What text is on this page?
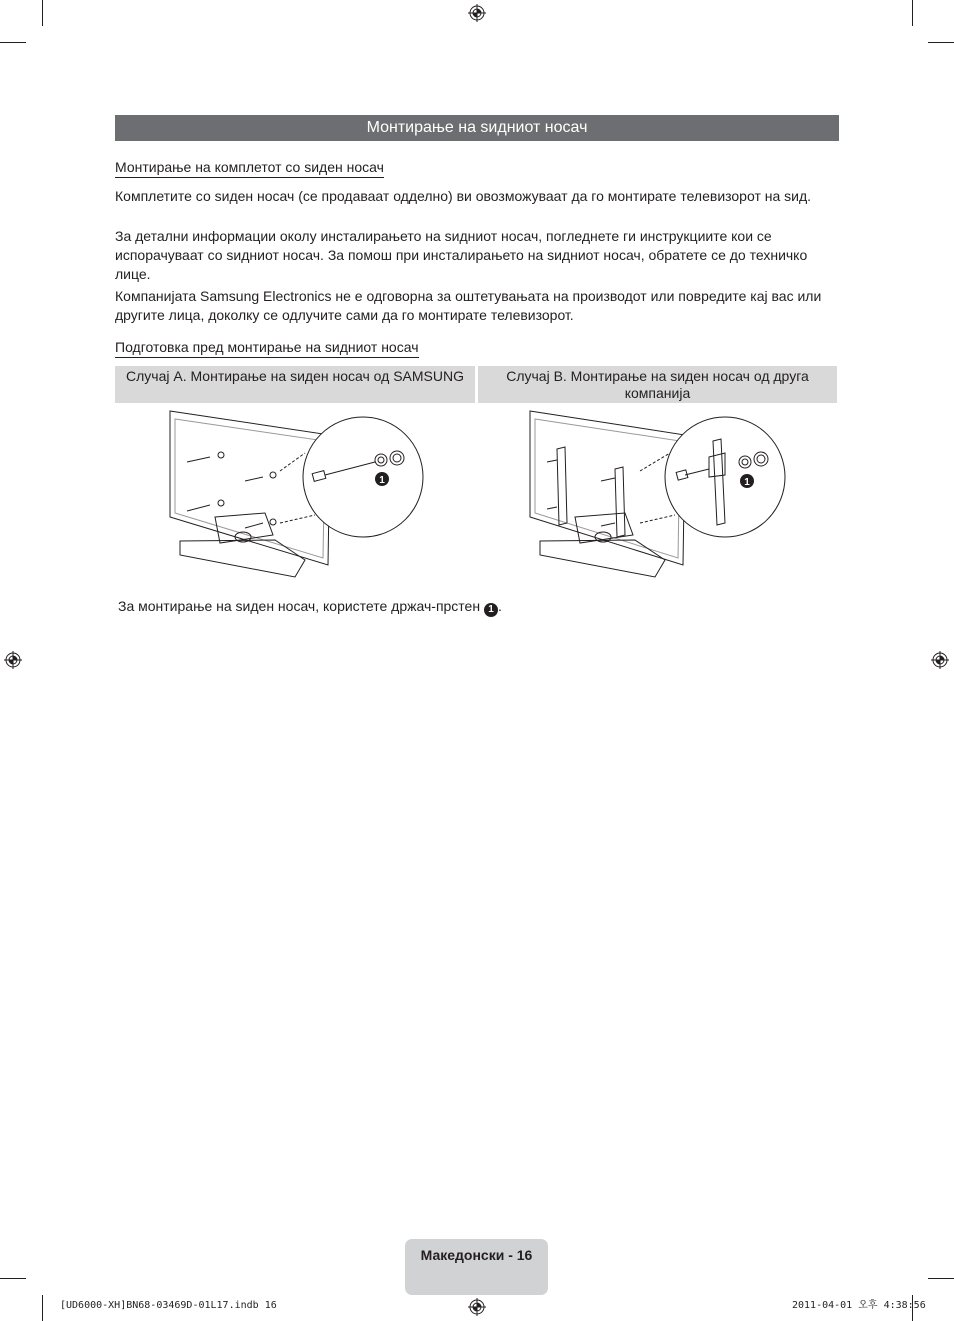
Монтирање на ѕидниот носач
Монтирање на комплетот со ѕиден носач
Комплетите со ѕиден носач (се продаваат одделно) ви овозможуваат да го монтирате телевизорот на ѕид.
За детални информации околу инсталирањето на ѕидниот носач, погледнете ги инструкциите кои се испорачуваат со ѕидниот носач. За помош при инсталирањето на ѕидниот носач, обратете се до техничко лице.
Компанијата Samsung Electronics не е одговорна за оштетувањата на производот или повредите кај вас или другите лица, доколку се одлучите сами да го монтирате телевизорот.
Подготовка пред монтирање на ѕидниот носач
Случај А. Монтирање на ѕиден носач од SAMSUNG	Случај B. Монтирање на ѕиден носач од друга компанија
1	1
За монтирање на ѕиден носач, користете држач-прстен 1 .
Македонски - 16
[UD6000-XH]BN68-03469D-01L17.indb 16	2011-04-01 오후 4:38:56
